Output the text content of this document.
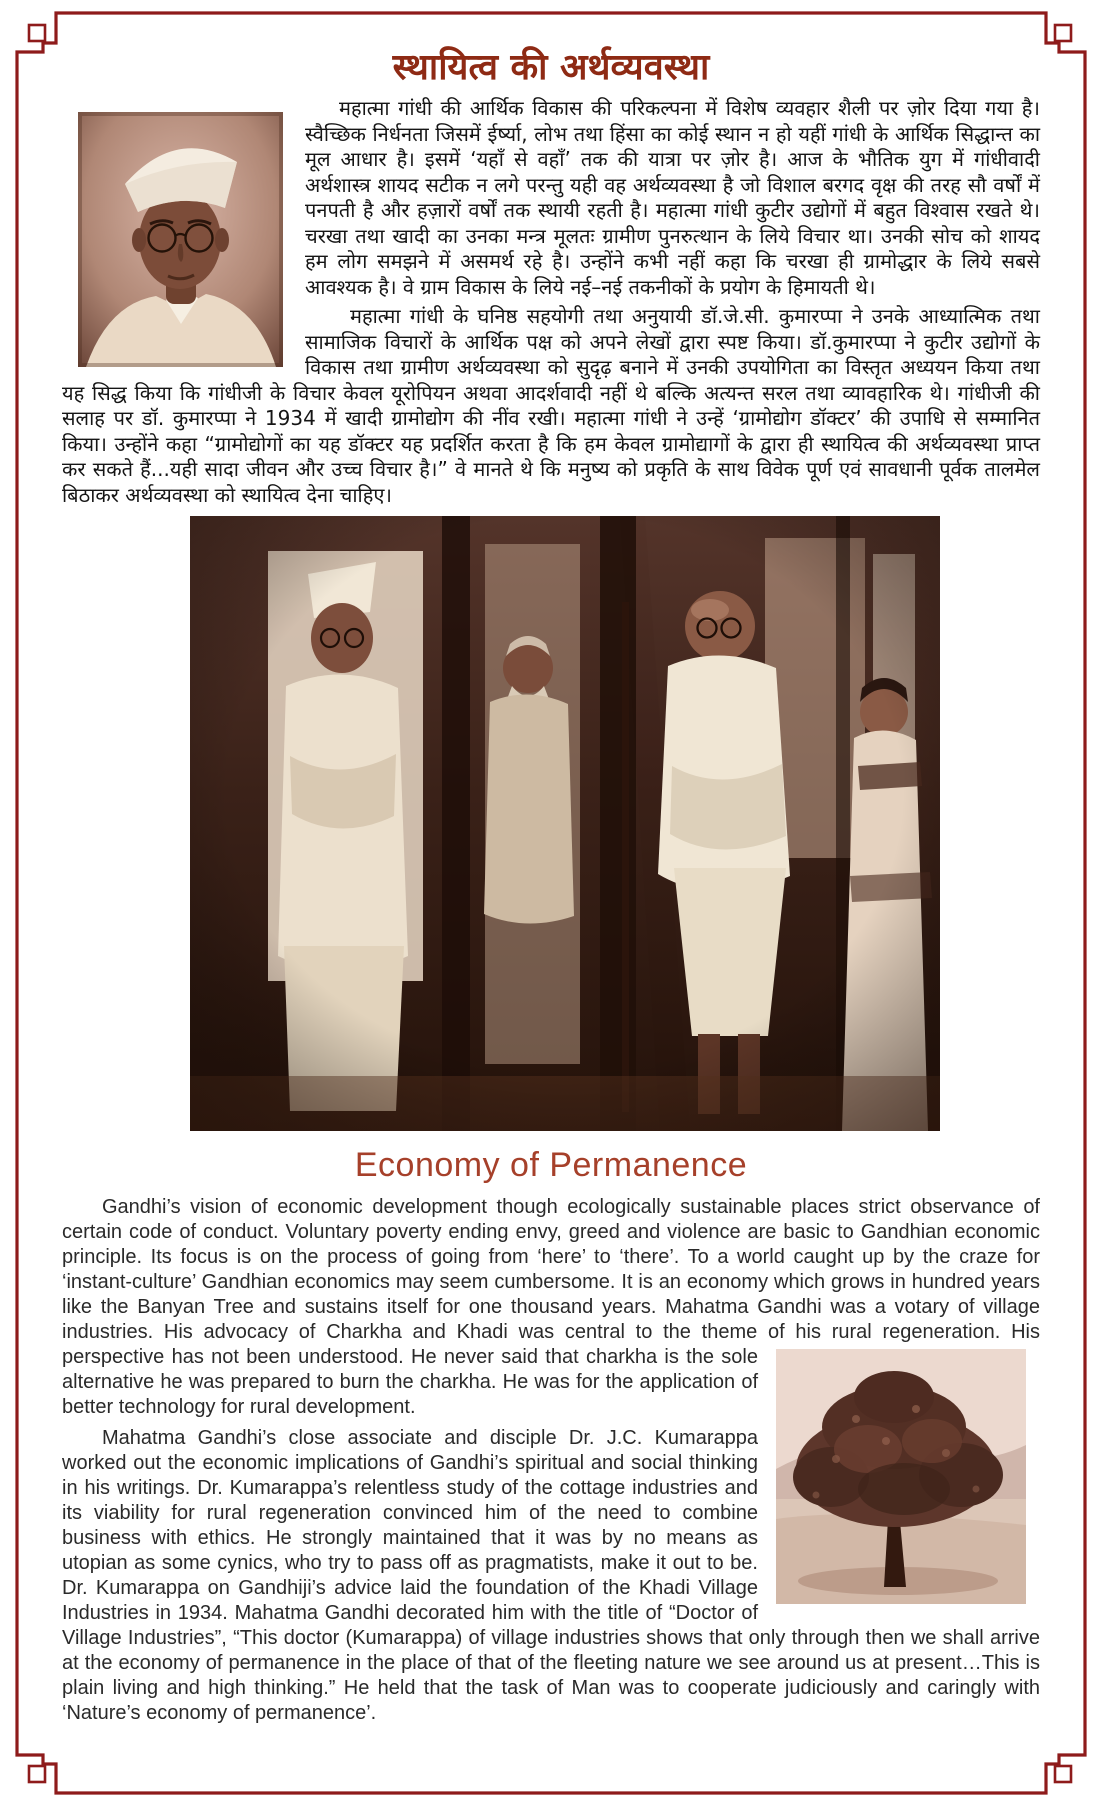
स्थायित्व की अर्थव्यवस्था

महात्मा गांधी की आर्थिक विकास की परिकल्पना में विशेष व्यवहार शैली पर ज़ोर दिया गया है। स्वैच्छिक निर्धनता जिसमें ईर्ष्या, लोभ तथा हिंसा का कोई स्थान न हो यहीं गांधी के आर्थिक सिद्धान्त का मूल आधार है। इसमें ‘यहाँ से वहाँ’ तक की यात्रा पर ज़ोर है। आज के भौतिक युग में गांधीवादी अर्थशास्त्र शायद सटीक न लगे परन्तु यही वह अर्थव्यवस्था है जो विशाल बरगद वृक्ष की तरह सौ वर्षों में पनपती है और हज़ारों वर्षों तक स्थायी रहती है। महात्मा गांधी कुटीर उद्योगों में बहुत विश्वास रखते थे। चरखा तथा खादी का उनका मन्त्र मूलतः ग्रामीण पुनरुत्थान के लिये विचार था। उनकी सोच को शायद हम लोग समझने में असमर्थ रहे है। उन्होंने कभी नहीं कहा कि चरखा ही ग्रामोद्धार के लिये सबसे आवश्यक है। वे ग्राम विकास के लिये नई–नई तकनीकों के प्रयोग के हिमायती थे।

महात्मा गांधी के घनिष्ठ सहयोगी तथा अनुयायी डॉ.जे.सी. कुमारप्पा ने उनके आध्यात्मिक तथा सामाजिक विचारों के आर्थिक पक्ष को अपने लेखों द्वारा स्पष्ट किया। डॉ.कुमारप्पा ने कुटीर उद्योगों के विकास तथा ग्रामीण अर्थव्यवस्था को सुदृढ़ बनाने में उनकी उपयोगिता का विस्तृत अध्ययन किया तथा यह सिद्ध किया कि गांधीजी के विचार केवल यूरोपियन अथवा आदर्शवादी नहीं थे बल्कि अत्यन्त सरल तथा व्यावहारिक थे। गांधीजी की सलाह पर डॉ. कुमारप्पा ने 1934 में खादी ग्रामोद्योग की नींव रखी। महात्मा गांधी ने उन्हें ‘ग्रामोद्योग डॉक्टर’ की उपाधि से सम्मानित किया। उन्होंने कहा “ग्रामोद्योगों का यह डॉक्टर यह प्रदर्शित करता है कि हम केवल ग्रामोद्यागों के द्वारा ही स्थायित्व की अर्थव्यवस्था प्राप्त कर सकते हैं...यही सादा जीवन और उच्च विचार है।” वे मानते थे कि मनुष्य को प्रकृति के साथ विवेक पूर्ण एवं सावधानी पूर्वक तालमेल बिठाकर अर्थव्यवस्था को स्थायित्व देना चाहिए।

Economy of Permanence

Gandhi’s vision of economic development though ecologically sustainable places strict observance of certain code of conduct. Voluntary poverty ending envy, greed and violence are basic to Gandhian economic principle. Its focus is on the process of going from ‘here’ to ‘there’. To a world caught up by the craze for ‘instant-culture’ Gandhian economics may seem cumbersome. It is an economy which grows in hundred years like the Banyan Tree and sustains itself for one thousand years. Mahatma Gandhi was a votary of village industries. His advocacy of Charkha and Khadi was central to the theme of his rural
regeneration. His perspective has not been understood. He never said that charkha is the sole alternative he was prepared to burn the charkha. He was for the application of better technology for rural development.

Mahatma Gandhi’s close associate and disciple Dr. J.C. Kumarappa worked out the economic implications of Gandhi’s spiritual and social thinking in his writings. Dr. Kumarappa’s relentless study of the cottage industries and its viability for rural regeneration convinced him of the need to combine business with ethics. He strongly maintained that it was by no means as utopian as some cynics, who try to pass off as pragmatists, make it out to be. Dr. Kumarappa on Gandhiji’s advice laid the foundation of the Khadi Village Industries in 1934. Mahatma Gandhi decorated him with the title of “Doctor of Village Industries”, “This doctor (Kumarappa) of village industries shows that only through then we shall arrive at the economy of permanence in the place of that of the fleeting nature we see around us at present…This is plain living and high thinking.” He held that the task of Man was to cooperate judiciously and caringly with ‘Nature’s economy of permanence’.
